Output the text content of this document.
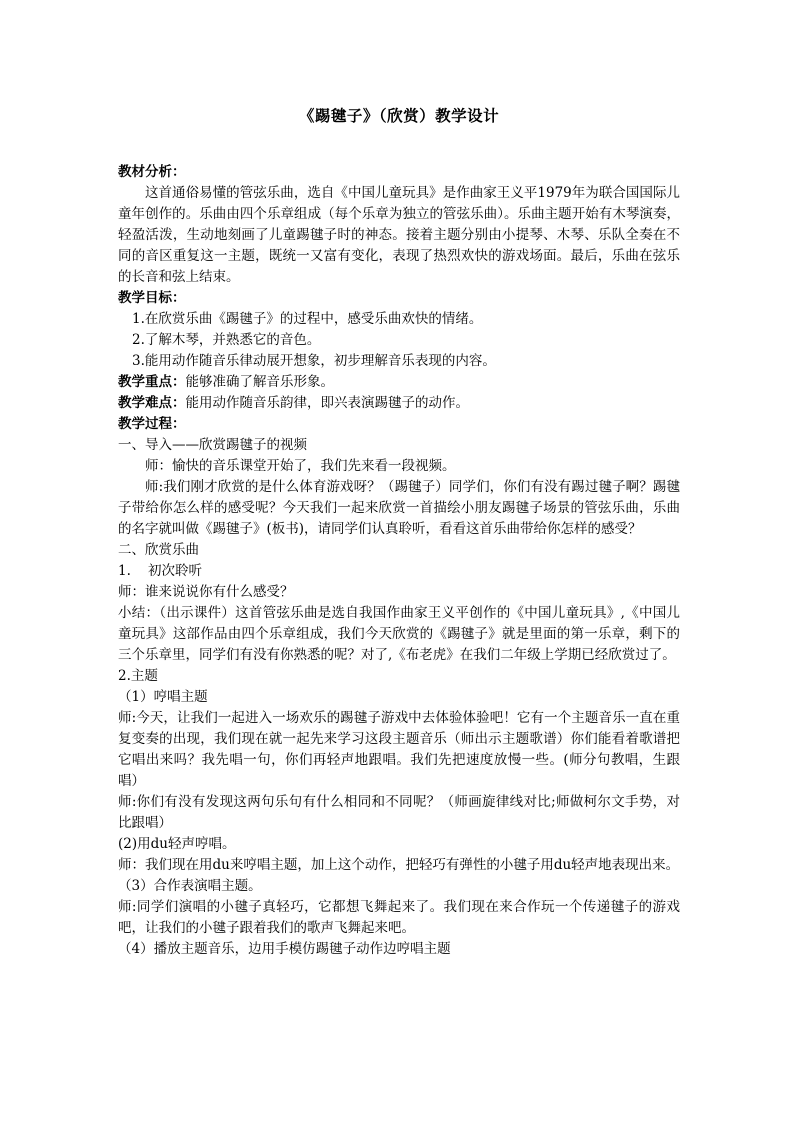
《踢毽子》（欣赏）教学设计

教材分析：

这首通俗易懂的管弦乐曲，选自《中国儿童玩具》是作曲家王义平1979年为联合国国际儿童年创作的。乐曲由四个乐章组成（每个乐章为独立的管弦乐曲）。乐曲主题开始有木琴演奏，轻盈活泼，生动地刻画了儿童踢毽子时的神态。接着主题分别由小提琴、木琴、乐队全奏在不同的音区重复这一主题，既统一又富有变化，表现了热烈欢快的游戏场面。最后，乐曲在弦乐的长音和弦上结束。

教学目标：

1.在欣赏乐曲《踢毽子》的过程中，感受乐曲欢快的情绪。

2.了解木琴，并熟悉它的音色。

3.能用动作随音乐律动展开想象，初步理解音乐表现的内容。

教学重点：能够准确了解音乐形象。

教学难点：能用动作随音乐韵律，即兴表演踢毽子的动作。

教学过程：

一、导入——欣赏踢毽子的视频

师：愉快的音乐课堂开始了，我们先来看一段视频。

师:我们刚才欣赏的是什么体育游戏呀？（踢毽子）同学们，你们有没有踢过毽子啊？踢毽子带给你怎么样的感受呢？今天我们一起来欣赏一首描绘小朋友踢毽子场景的管弦乐曲，乐曲的名字就叫做《踢毽子》(板书)，请同学们认真聆听，看看这首乐曲带给你怎样的感受？

二、欣赏乐曲

1.    初次聆听

师：谁来说说你有什么感受？

小结：（出示课件）这首管弦乐曲是选自我国作曲家王义平创作的《中国儿童玩具》,《中国儿童玩具》这部作品由四个乐章组成，我们今天欣赏的《踢毽子》就是里面的第一乐章，剩下的三个乐章里，同学们有没有你熟悉的呢？对了,《布老虎》在我们二年级上学期已经欣赏过了。

2.主题

（1）哼唱主题

师:今天，让我们一起进入一场欢乐的踢毽子游戏中去体验体验吧！它有一个主题音乐一直在重复变奏的出现，我们现在就一起先来学习这段主题音乐（师出示主题歌谱）你们能看着歌谱把它唱出来吗？我先唱一句，你们再轻声地跟唱。我们先把速度放慢一些。(师分句教唱，生跟唱）

师:你们有没有发现这两句乐句有什么相同和不同呢？（师画旋律线对比;师做柯尔文手势，对比跟唱）

(2)用du轻声哼唱。

师：我们现在用du来哼唱主题，加上这个动作，把轻巧有弹性的小毽子用du轻声地表现出来。

（3）合作表演唱主题。

师:同学们演唱的小毽子真轻巧，它都想飞舞起来了。我们现在来合作玩一个传递毽子的游戏吧，让我们的小毽子跟着我们的歌声飞舞起来吧。

（4）播放主题音乐，边用手模仿踢毽子动作边哼唱主题
